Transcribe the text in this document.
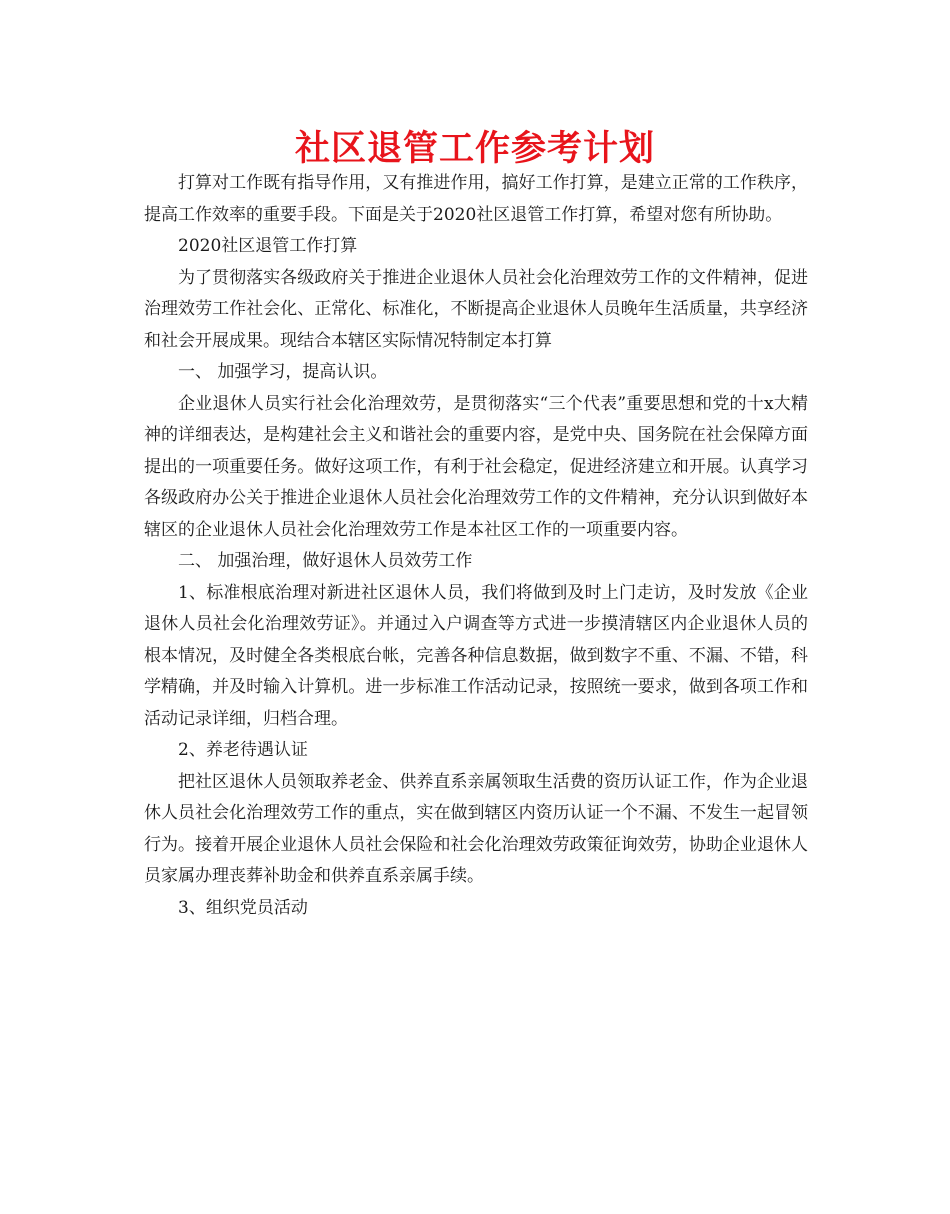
社区退管工作参考计划

打算对工作既有指导作用，又有推进作用，搞好工作打算，是建立正常的工作秩序，提高工作效率的重要手段。下面是关于2020社区退管工作打算，希望对您有所协助。

2020社区退管工作打算

为了贯彻落实各级政府关于推进企业退休人员社会化治理效劳工作的文件精神，促进治理效劳工作社会化、正常化、标准化，不断提高企业退休人员晚年生活质量，共享经济和社会开展成果。现结合本辖区实际情况特制定本打算

一、 加强学习，提高认识。

企业退休人员实行社会化治理效劳，是贯彻落实“三个代表”重要思想和党的十x大精神的详细表达，是构建社会主义和谐社会的重要内容，是党中央、国务院在社会保障方面提出的一项重要任务。做好这项工作，有利于社会稳定，促进经济建立和开展。认真学习各级政府办公关于推进企业退休人员社会化治理效劳工作的文件精神，充分认识到做好本辖区的企业退休人员社会化治理效劳工作是本社区工作的一项重要内容。

二、 加强治理，做好退休人员效劳工作

1、标准根底治理对新进社区退休人员，我们将做到及时上门走访，及时发放《企业退休人员社会化治理效劳证》。并通过入户调查等方式进一步摸清辖区内企业退休人员的根本情况，及时健全各类根底台帐，完善各种信息数据，做到数字不重、不漏、不错，科学精确，并及时输入计算机。进一步标准工作活动记录，按照统一要求，做到各项工作和活动记录详细，归档合理。

2、养老待遇认证

把社区退休人员领取养老金、供养直系亲属领取生活费的资历认证工作，作为企业退休人员社会化治理效劳工作的重点，实在做到辖区内资历认证一个不漏、不发生一起冒领行为。接着开展企业退休人员社会保险和社会化治理效劳政策征询效劳，协助企业退休人员家属办理丧葬补助金和供养直系亲属手续。

3、组织党员活动
